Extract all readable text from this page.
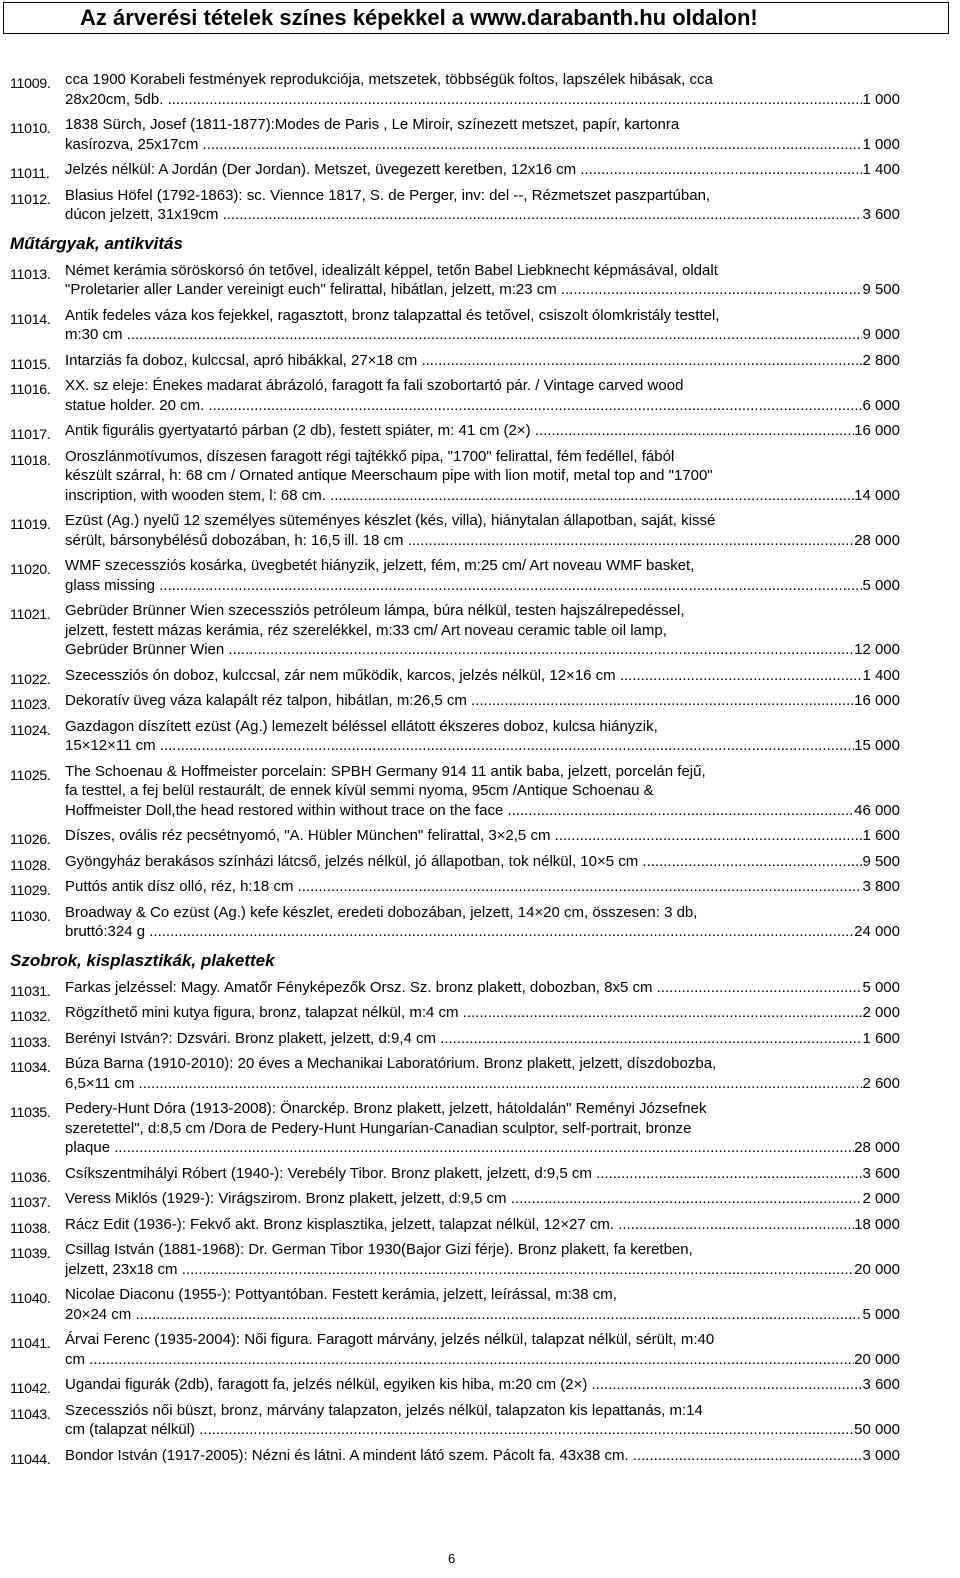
Az árverési tételek színes képekkel a www.darabanth.hu oldalon!
11009. cca 1900 Korabeli festmények reprodukciója, metszetek, többségük foltos, lapszélek hibásak, cca
28x20cm, 5db. .....	1 000
11010. 1838 Sürch, Josef (1811-1877):Modes de Paris , Le Miroir, színezett metszet, papír, kartonra
kasírozva, 25x17cm .....	1 000
11011. Jelzés nélkül: A Jordán (Der Jordan). Metszet, üvegezett keretben, 12x16 cm .....	1 400
11012. Blasius Höfel (1792-1863): sc. Viennce 1817, S. de Perger, inv: del --, Rézmetszet paszpartúban,
dúcon jelzett, 31x19cm .....	3 600
Műtárgyak, antikvitás
11013. Német kerámia söröskorsó ón tetővel, idealizált képpel, tetőn Babel Liebknecht képmásával, oldalt
"Proletarier aller Lander vereinigt euch" felirattal, hibátlan, jelzett, m:23 cm .....	9 500
11014. Antik fedeles váza kos fejekkel, ragasztott, bronz talapzattal és tetővel, csiszolt ólomkristály testtel,
m:30 cm .....	9 000
11015. Intarziás fa doboz, kulccsal, apró hibákkal, 27×18 cm .....	2 800
11016. XX. sz eleje: Énekes madarat ábrázoló, faragott fa fali szobortartó pár. / Vintage carved wood
statue holder. 20 cm. .....	6 000
11017. Antik figurális gyertyatartó párban (2 db), festett spiáter, m: 41 cm (2×) .....	16 000
11018. Oroszlánmotívumos, díszesen faragott régi tajtékkő pipa, "1700" felirattal, fém fedéllel, fából
készült szárral, h: 68 cm / Ornated antique Meerschaum pipe with lion motif, metal top and "1700"
inscription, with wooden stem, l: 68 cm. .....	14 000
11019. Ezüst (Ag.) nyelű 12 személyes süteményes készlet (kés, villa), hiánytalan állapotban, saját, kissé
sérült, bársonybélésű dobozában, h: 16,5 ill. 18 cm .....	28 000
11020. WMF szecessziós kosárka, üvegbetét hiányzik, jelzett, fém, m:25 cm/ Art noveau WMF basket,
glass missing .....	5 000
11021. Gebrüder Brünner Wien szecessziós petróleum lámpa, búra nélkül, testen hajszálrepedéssel,
jelzett, festett mázas kerámia, réz szerelékkel, m:33 cm/ Art noveau ceramic table oil lamp,
Gebrüder Brünner Wien .....	12 000
11022. Szecessziós ón doboz, kulccsal, zár nem működik, karcos, jelzés nélkül, 12×16 cm .....	1 400
11023. Dekoratív üveg váza kalapált réz talpon, hibátlan, m:26,5 cm .....	16 000
11024. Gazdagon díszített ezüst (Ag.) lemezelt béléssel ellátott ékszeres doboz, kulcsa hiányzik,
15×12×11 cm .....	15 000
11025. The Schoenau & Hoffmeister porcelain: SPBH Germany 914 11 antik baba, jelzett, porcelán fejű,
fa testtel, a fej belül restaurált, de ennek kívül semmi nyoma, 95cm /Antique Schoenau &
Hoffmeister Doll,the head restored within without trace on the face .....	46 000
11026. Díszes, ovális réz pecsétnyomó, "A. Hübler München" felirattal, 3×2,5 cm .....	1 600
11028. Gyöngyház berakásos színházi látcső, jelzés nélkül, jó állapotban, tok nélkül, 10×5 cm .....	9 500
11029. Puttós antik dísz olló, réz, h:18 cm .....	3 800
11030. Broadway & Co ezüst (Ag.) kefe készlet, eredeti dobozában, jelzett, 14×20 cm, összesen: 3 db,
bruttó:324 g .....	24 000
Szobrok, kisplasztikák, plakettek
11031. Farkas jelzéssel: Magy. Amatőr Fényképezők Orsz. Sz. bronz plakett, dobozban, 8x5 cm .....	5 000
11032. Rögzíthető mini kutya figura, bronz, talapzat nélkül, m:4 cm .....	2 000
11033. Berényi István?: Dzsvári. Bronz plakett, jelzett, d:9,4 cm .....	1 600
11034. Búza Barna (1910-2010): 20 éves a Mechanikai Laboratórium. Bronz plakett, jelzett, díszdobozba,
6,5×11 cm .....	2 600
11035. Pedery-Hunt Dóra (1913-2008): Önarckép. Bronz plakett, jelzett, hátoldalán" Reményi Józsefnek
szeretettel", d:8,5 cm /Dora de Pedery-Hunt Hungarian-Canadian sculptor, self-portrait, bronze
plaque .....	28 000
11036. Csíkszentmihályi Róbert (1940-): Verebély Tibor. Bronz plakett, jelzett, d:9,5 cm .....	3 600
11037. Veress Miklós (1929-): Virágszirom. Bronz plakett, jelzett, d:9,5 cm .....	2 000
11038. Rácz Edit (1936-): Fekvő akt. Bronz kisplasztika, jelzett, talapzat nélkül, 12×27 cm. .....	18 000
11039. Csillag István (1881-1968): Dr. German Tibor 1930(Bajor Gizi férje). Bronz plakett, fa keretben,
jelzett, 23x18 cm .....	20 000
11040. Nicolae Diaconu (1955-): Pottyantóban. Festett kerámia, jelzett, leírással, m:38 cm,
20×24 cm .....	5 000
11041. Árvai Ferenc (1935-2004): Női figura. Faragott márvány, jelzés nélkül, talapzat nélkül, sérült, m:40
cm .....	20 000
11042. Ugandai figurák (2db), faragott fa, jelzés nélkül, egyiken kis hiba, m:20 cm (2×) .....	3 600
11043. Szecessziós női büszt, bronz, márvány talapzaton, jelzés nélkül, talapzaton kis lepattanás, m:14
cm (talapzat nélkül) .....	50 000
11044. Bondor István (1917-2005): Nézni és látni. A mindent látó szem. Pácolt fa. 43x38 cm. .....	3 000
6
